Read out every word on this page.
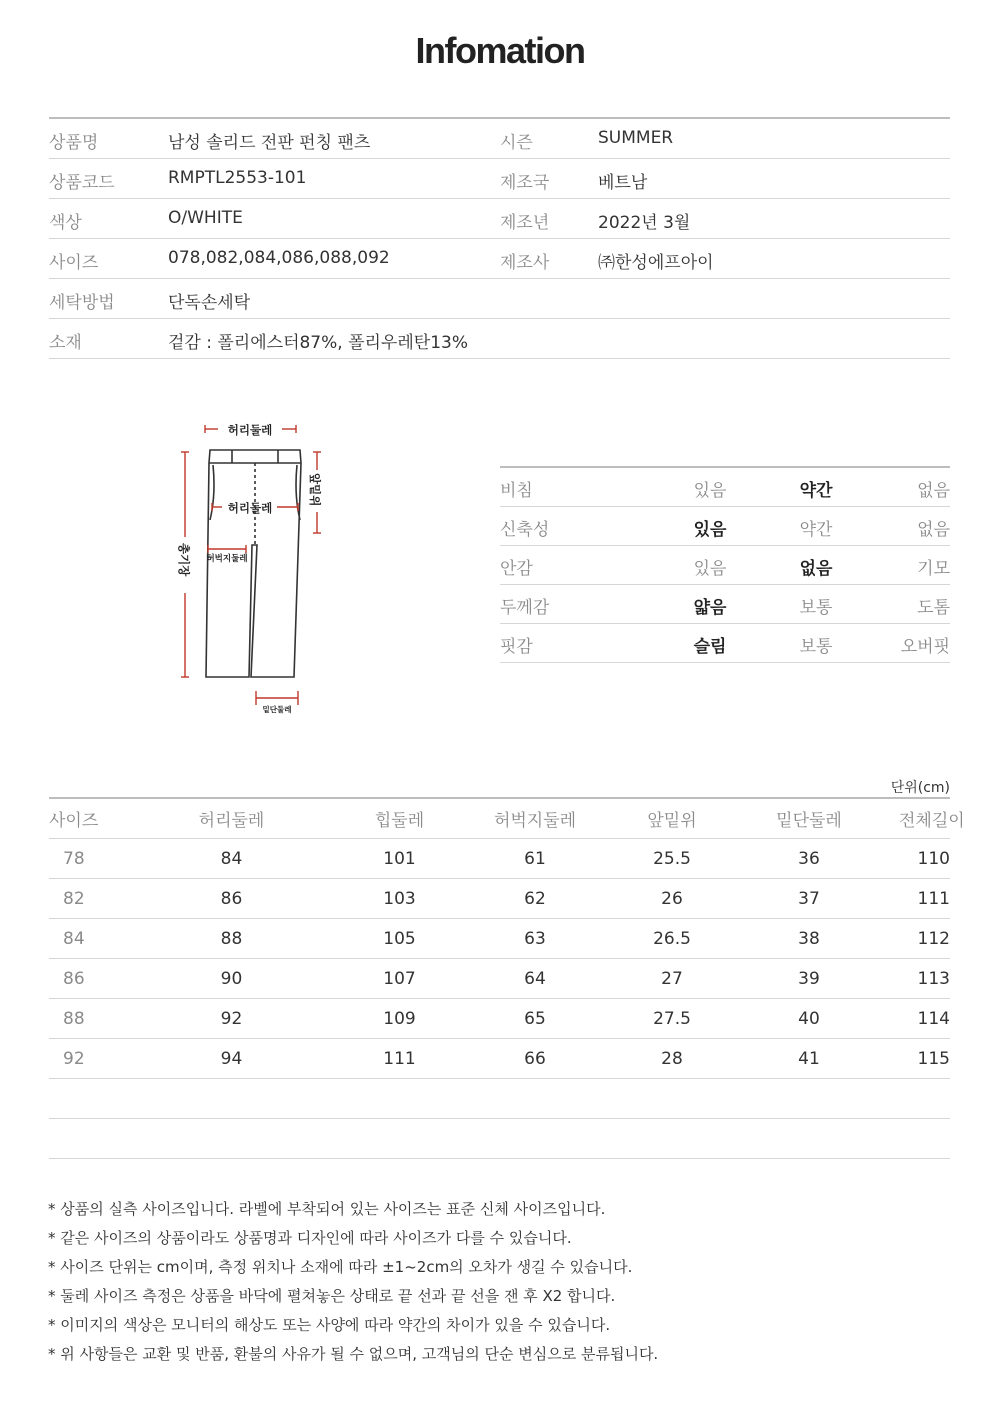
Infomation
상품명	남성 솔리드 전판 펀칭 팬츠	시즌	SUMMER
상품코드	RMPTL2553-101	제조국	베트남
색상	O/WHITE	제조년	2022년 3월
사이즈	078,082,084,086,088,092	제조사	㈜한성에프아이
세탁방법	단독손세탁
소재	겉감 : 폴리에스터87%, 폴리우레탄13%
허리둘레
허리둘레
허벅지둘레
밑단둘레
앞밑위
총기장
비침	있음	약간	없음
신축성	있음	약간	없음
안감	있음	없음	기모
두께감	얇음	보통	도톰
핏감	슬림	보통	오버핏
단위(cm)
사이즈	허리둘레	힙둘레	허벅지둘레	앞밑위	밑단둘레	전체길이
78	84	101	61	25.5	36	110
82	86	103	62	26	37	111
84	88	105	63	26.5	38	112
86	90	107	64	27	39	113
88	92	109	65	27.5	40	114
92	94	111	66	28	41	115
* 상품의 실측 사이즈입니다. 라벨에 부착되어 있는 사이즈는 표준 신체 사이즈입니다.
* 같은 사이즈의 상품이라도 상품명과 디자인에 따라 사이즈가 다를 수 있습니다.
* 사이즈 단위는 cm이며, 측정 위치나 소재에 따라 ±1~2cm의 오차가 생길 수 있습니다.
* 둘레 사이즈 측정은 상품을 바닥에 펼쳐놓은 상태로 끝 선과 끝 선을 잰 후 X2 합니다.
* 이미지의 색상은 모니터의 해상도 또는 사양에 따라 약간의 차이가 있을 수 있습니다.
* 위 사항들은 교환 및 반품, 환불의 사유가 될 수 없으며, 고객님의 단순 변심으로 분류됩니다.
